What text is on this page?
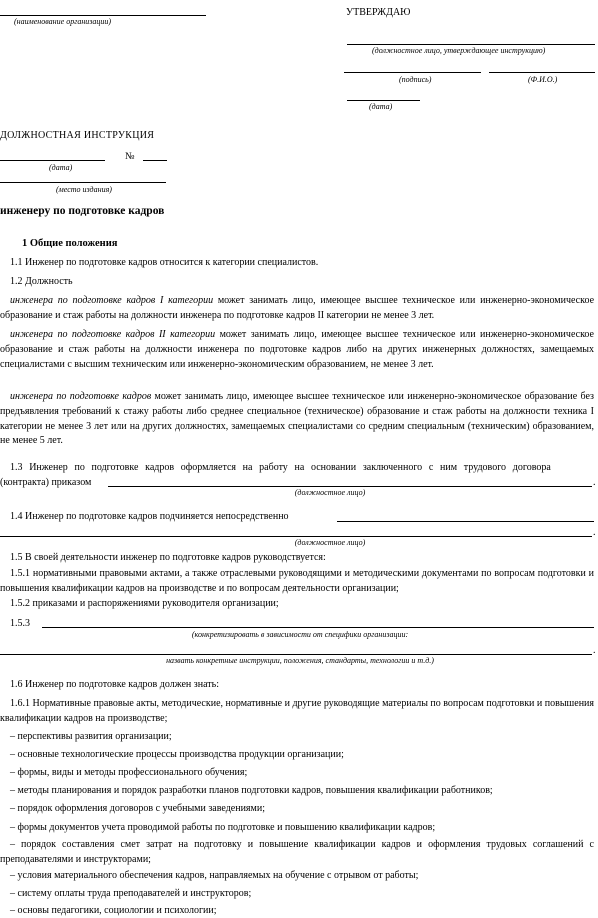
(наименование организации)
УТВЕРЖДАЮ
(должностное лицо, утверждающее инструкцию)
(подпись)	(Ф.И.О.)
(дата)
ДОЛЖНОСТНАЯ ИНСТРУКЦИЯ
№
(дата)
(место издания)
инженеру по подготовке кадров
1 Общие положения
1.1 Инженер по подготовке кадров относится к категории специалистов.
1.2 Должность
инженера по подготовке кадров I категории может занимать лицо, имеющее высшее техническое или инженерно-экономическое образование и стаж работы на должности инженера по подготовке кадров II категории не менее 3 лет.
инженера по подготовке кадров II категории может занимать лицо, имеющее высшее техническое или инженерно-экономическое образование и стаж работы на должности инженера по подготовке кадров либо на других инженерных должностях, замещаемых специалистами с высшим техническим или инженерно-экономическим образованием, не менее 3 лет.
инженера по подготовке кадров может занимать лицо, имеющее высшее техническое или инженерно-экономическое образование без предъявления требований к стажу работы либо среднее специальное (техническое) образование и стаж работы на должности техника I категории не менее 3 лет или на других должностях, замещаемых специалистами со средним специальным (техническим) образованием, не менее 5 лет.
1.3 Инженер по подготовке кадров оформляется на работу на основании заключенного с ним трудового договора
(контракта) приказом	.
(должностное лицо)
1.4 Инженер по подготовке кадров подчиняется непосредственно
.
(должностное лицо)
1.5 В своей деятельности инженер по подготовке кадров руководствуется:
1.5.1 нормативными правовыми актами, а также отраслевыми руководящими и методическими документами по вопросам подготовки и повышения квалификации кадров на производстве и по вопросам деятельности организации;
1.5.2 приказами и распоряжениями руководителя организации;
1.5.3
(конкретизировать в зависимости от специфики организации:
.
назвать конкретные инструкции, положения, стандарты, технологии и т.д.)
1.6 Инженер по подготовке кадров должен знать:
1.6.1 Нормативные правовые акты, методические, нормативные и другие руководящие материалы по вопросам подготовки и повышения квалификации кадров на производстве;
– перспективы развития организации;
– основные технологические процессы производства продукции организации;
– формы, виды и методы профессионального обучения;
– методы планирования и порядок разработки планов подготовки кадров, повышения квалификации работников;
– порядок оформления договоров с учебными заведениями;
– формы документов учета проводимой работы по подготовке и повышению квалификации кадров;
– порядок составления смет затрат на подготовку и повышение квалификации кадров и оформления трудовых соглашений с преподавателями и инструкторами;
– условия материального обеспечения кадров, направляемых на обучение с отрывом от работы;
– систему оплаты труда преподавателей и инструкторов;
– основы педагогики, социологии и психологии;
